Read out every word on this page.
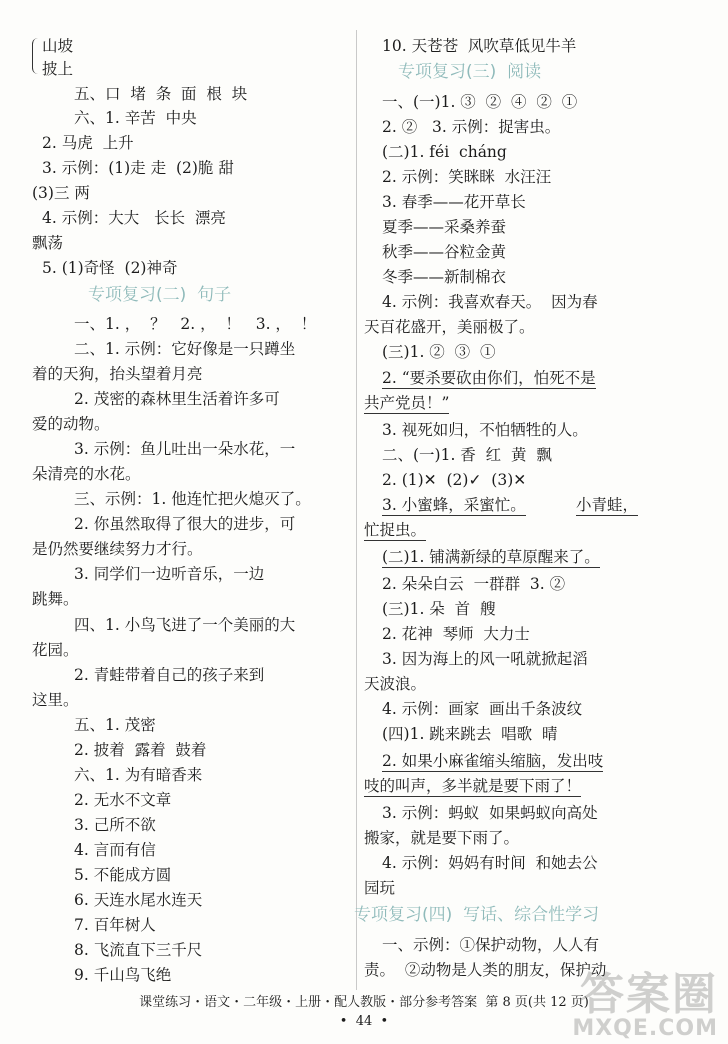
山坡
披上
五、口  堵  条  面  根  块
六、1. 辛苦  中央
2. 马虎  上升
3. 示例：(1)走 走  (2)脆 甜
(3)三 两
4. 示例：大大   长长  漂亮
飘荡
5. (1)奇怪  (2)神奇
专项复习(二)  句子
一、1. ，  ？   2. ，  ！   3. ，  ！
二、1. 示例：它好像是一只蹲坐
着的天狗，抬头望着月亮
2. 茂密的森林里生活着许多可
爱的动物。
3. 示例：鱼儿吐出一朵水花，一
朵清亮的水花。
三、示例：1. 他连忙把火熄灭了。
2. 你虽然取得了很大的进步，可
是仍然要继续努力才行。
3. 同学们一边听音乐，一边
跳舞。
四、1. 小鸟飞进了一个美丽的大
花园。
2. 青蛙带着自己的孩子来到
这里。
五、1. 茂密
2. 披着  露着  鼓着
六、1. 为有暗香来
2. 无水不文章
3. 己所不欲
4. 言而有信
5. 不能成方圆
6. 天连水尾水连天
7. 百年树人
8. 飞流直下三千尺
9. 千山鸟飞绝
10. 天苍苍  风吹草低见牛羊
专项复习(三)  阅读
一、(一)1. ③  ②  ④  ②  ①
2. ②   3. 示例：捉害虫。
(二)1. féi  cháng
2. 示例：笑眯眯  水汪汪
3. 春季——花开草长
夏季——采桑养蚕
秋季——谷粒金黄
冬季——新制棉衣
4. 示例：我喜欢春天。  因为春
天百花盛开，美丽极了。
(三)1. ②  ③  ①
2. “要杀要砍由你们，怕死不是
共产党员！”
3. 视死如归，不怕牺牲的人。
二、(一)1. 香  红  黄  飘
2. (1)✕  (2)✓  (3)✕
3. 小蜜蜂，采蜜忙。	小青蛙，
忙捉虫。
(二)1. 铺满新绿的草原醒来了。
2. 朵朵白云  一群群  3. ②
(三)1. 朵  首  艘
2. 花神  琴师  大力士
3. 因为海上的风一吼就掀起滔
天波浪。
4. 示例：画家  画出千条波纹
(四)1. 跳来跳去  唱歌  晴
2. 如果小麻雀缩头缩脑，发出吱
吱的叫声，多半就是要下雨了！
3. 示例：蚂蚁  如果蚂蚁向高处
搬家，就是要下雨了。
4. 示例：妈妈有时间  和她去公
园玩
专项复习(四)  写话、综合性学习
一、示例：①保护动物，人人有
责。  ②动物是人类的朋友，保护动
课堂练习・语文・二年级・上册・配人教版・部分参考答案  第 8 页(共 12 页)
•  44  •
答案圈
MXQE.COM
